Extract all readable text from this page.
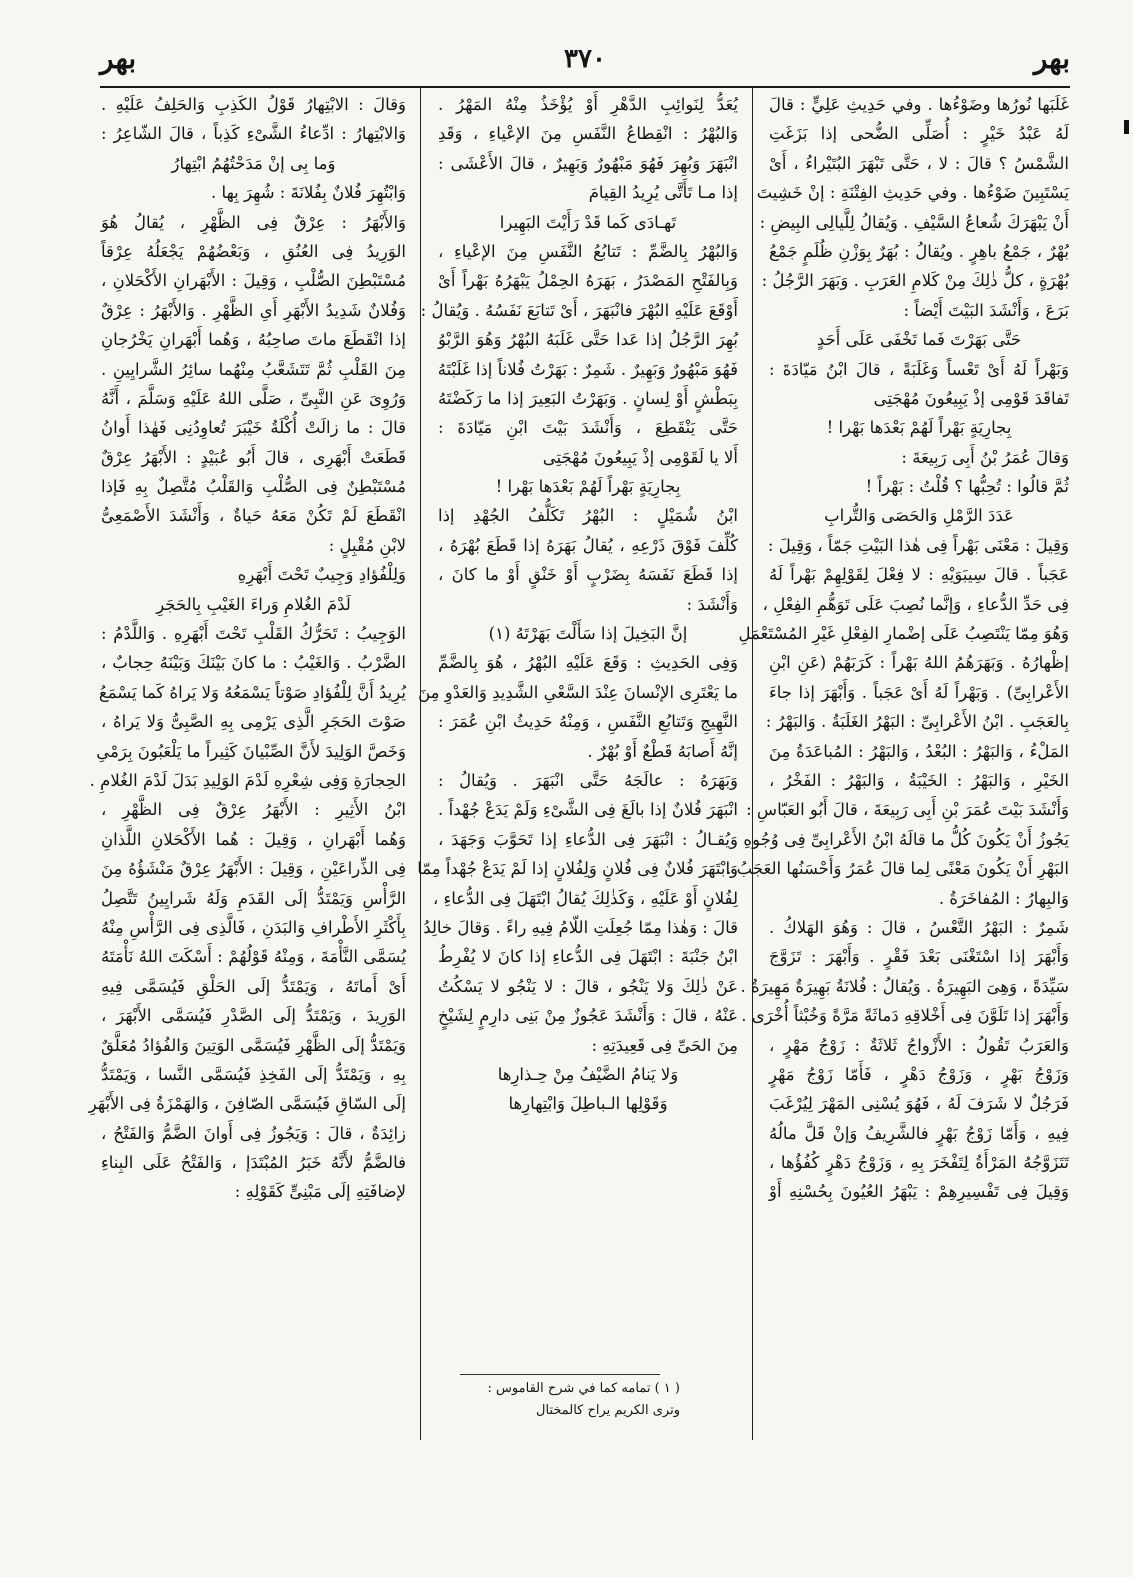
بهر
٣٧٠
بهر
غَلَبَها نُورُها وضَوْءُها . وفي حَدِيثِ عَلِيٍّ : قالَ
لَهُ عَبْدُ خَيْرٍ : أُصَلِّى الضُّحى إذا بَزَغَتِ
الشَّمْسُ ؟ قالَ : لا ، حَتَّى تَبْهَرَ البُتَيْراءُ ، أَىْ
يَسْتَبِينَ ضَوْءُها . وفي حَدِيثِ الفِتْنَةِ : إنْ خَشِيتَ
أَنْ يَبْهَرَكَ شُعاعُ السَّيْفِ . وَيُقالُ لِلَّيالِى البِيضِ :
بُهْرٌ ، جَمْعُ باهِرٍ . ويُقالُ : بُهَرٌ بِوَزْنِ ظُلَمٍ جَمْعُ
بُهْرَةٍ ، كلُّ ذٰلِكَ مِنْ كَلامِ العَرَبِ . وَبَهَرَ الرَّجُلُ :
بَرَعَ ، وَأَنْشَدَ البَيْتَ أَيْضاً :
حَتَّى بَهَرْتَ فَما تَخْفَى عَلَى أَحَدٍ
وَبَهْراً لَهُ أَىْ تَعْساً وَغَلَبَةً ، قالَ ابْنُ مَيّادَةَ :
تَفاقَدَ قَوْمِى إذْ يَبِيعُونَ مُهْجَتِى
بِجارِيَةٍ بَهْراً لَهُمْ بَعْدَها بَهْرا !
وَقالَ عُمَرُ بْنُ أَبِى رَبِيعَةَ :
ثُمَّ قالُوا : تُحِبُّها ؟ قُلْتُ : بَهْراً !
عَدَدَ الرَّمْلِ وَالحَصَى وَالتُّرابِ
وَقِيلَ : مَعْنَى بَهْراً فِى هٰذا البَيْتِ جَمّاً ، وَقِيلَ :
عَجَباً . قالَ سِيبَوَيْهِ : لا فِعْلَ لِقَوْلِهِمْ بَهْراً لَهُ
فِى حَدِّ الدُّعاءِ ، وَإنَّما نُصِبَ عَلَى تَوَهُّمِ الفِعْلِ ،
وَهُوَ مِمّا يَنْتَصِبُ عَلَى إضْمارِ الفِعْلِ غَيْرِ المُسْتَعْمَلِ
إظْهارُهُ . وَبَهَرَهُمُ اللهُ بَهْراً : كَرَبَهُمْ (عَنِ ابْنِ
الأَعْرابِىِّ) . وَبَهْراً لَهُ أَىْ عَجَباً . وَأَبْهَرَ إذا جاءَ
بِالعَجَبِ . ابْنُ الأَعْرابِىِّ : البَهْرُ الغَلَبَةُ . وَالبَهْرُ :
المَلْءُ ، وَالبَهْرُ : البُعْدُ ، وَالبَهْرُ : المُباعَدَةُ مِنَ
الخَيْرِ ، وَالبَهْرُ : الخَيْبَةُ ، وَالبَهْرُ : الفَخْرُ ،
وَأَنْشَدَ بَيْتَ عُمَرَ بْنِ أَبِى رَبِيعَةَ ، قالَ أَبُو العَبّاسِ :
يَجُوزُ أَنْ يَكُونَ كُلُّ ما قالَهُ ابْنُ الأَعْرابِىِّ فِى وُجُوهِ
البَهْرِ أَنْ يَكُونَ مَعْنًى لِما قالَ عُمَرُ وَأَحْسَنُها العَجَبُ .
وَالبِهارُ : المُفاخَرَةُ .
شَمِرٌ : البَهْرُ التَّعْسُ ، قالَ : وَهُوَ الهَلاكُ .
وَأَبْهَرَ إذا اسْتَغْنَى بَعْدَ فَقْرٍ . وَأَبْهَرَ : تَزَوَّجَ
سَيِّدَةً ، وَهِىَ البَهِيرَةُ . وَيُقالُ : فُلانَةُ بَهِيرَةٌ مَهِيرَةٌ .
وَأَبْهَرَ إذا تَلَوَّنَ فِى أَخْلاقِهِ دَماثَةً مَرَّةً وَخُبْثاً أُخْرَى .
وَالعَرَبُ تَقُولُ : الأَزْواجُ ثَلاثَةٌ : زَوْجُ مَهْرٍ ،
وَزَوْجُ بَهْرٍ ، وَزَوْجُ دَهْرٍ ، فَأَمّا زَوْجُ مَهْرٍ
فَرَجُلٌ لا شَرَفَ لَهُ ، فَهُوَ يُسْنِى المَهْرَ لِيُرْغَبَ
فِيهِ ، وَأَمّا زَوْجُ بَهْرٍ فالشَّرِيفُ وَإنْ قَلَّ مالُهُ
تَتَزَوَّجُهُ المَرْأَةُ لِتَفْخَرَ بِهِ ، وَزَوْجُ دَهْرٍ كُفُؤُها ،
وَقِيلَ فِى تَفْسِيرِهِمْ : يَبْهَرُ العُيُونَ بِحُسْنِهِ أَوْ
يُعَدُّ لِنَوائِبِ الدَّهْرِ أَوْ يُؤْخَذُ مِنْهُ المَهْرُ .
وَالبُهْرُ : انْقِطاعُ النَّفَسِ مِنَ الإعْياءِ ، وَقَدِ
انْبَهَرَ وَبُهِرَ فَهُوَ مَبْهُورٌ وَبَهِيرٌ ، قالَ الأَعْشَى :
إذا مـا تَأَتَّى يُرِيدُ القِيامَ
تَهـادَى كَما قَدْ رَأَيْتَ البَهِيرا
وَالبُهْرُ بِالضَّمِّ : تَتابُعُ النَّفَسِ مِنَ الإعْياءِ ،
وَبِالفَتْحِ المَصْدَرُ ، بَهَرَهُ الحِمْلُ يَبْهَرُهُ بَهْراً أَىْ
أَوْقَعَ عَلَيْهِ البُهْرَ فانْبَهَرَ ، أَىْ تَتابَعَ نَفَسُهُ . وَيُقالُ :
بُهِرَ الرَّجُلُ إذا عَدا حَتَّى غَلَبَهُ البُهْرُ وَهُوَ الرَّبْوُ
فَهُوَ مَبْهُورٌ وَبَهِيرٌ . شَمِرٌ : بَهَرْتُ فُلاناً إذا غَلَبْتَهُ
بِبَطْشٍ أَوْ لِسانٍ . وَبَهَرْتُ البَعِيرَ إذا ما رَكَضْتَهُ
حَتَّى يَنْقَطِعَ ، وَأَنْشَدَ بَيْتَ ابْنِ مَيّادَةَ :
أَلا يا لَقَوْمِى إذْ يَبِيعُونَ مُهْجَتِى
بِجارِيَةٍ بَهْراً لَهُمْ بَعْدَها بَهْرا !
ابْنُ شُمَيْلٍ : البُهْرُ تَكَلُّفُ الجُهْدِ إذا
كُلِّفَ فَوْقَ ذَرْعِهِ ، يُقالُ بَهَرَهُ إذا قَطَعَ بُهْرَهُ ،
إذا قَطَعَ نَفَسَهُ بِضَرْبٍ أَوْ خَنْقٍ أَوْ ما كانَ ،
وَأَنْشَدَ :
إنَّ البَخِيلَ إذا سَأَلْتَ بَهَرْتَهُ (١)
وَفِى الحَدِيثِ : وَقَعَ عَلَيْهِ البُهْرُ ، هُوَ بِالضَّمِّ
ما يَعْتَرِى الإنْسانَ عِنْدَ السَّعْىِ الشَّدِيدِ وَالعَدْوِ مِنَ
النَّهِيجِ وَتَتابُعِ النَّفَسِ ، وَمِنْهُ حَدِيثُ ابْنِ عُمَرَ :
إنَّهُ أَصابَهُ قَطْعٌ أَوْ بُهْرٌ .
وَبَهَرَهُ : عالَجَهُ حَتَّى انْبَهَرَ . وَيُقالُ :
انْبَهَرَ فُلانٌ إذا بالَغَ فِى الشَّىْءِ وَلَمْ يَدَعْ جُهْداً .
وَيُقـالُ : انْبَهَرَ فِى الدُّعاءِ إذا تَحَوَّبَ وَجَهَدَ ،
وَابْتَهَرَ فُلانٌ فِى فُلانٍ وَلِفُلانٍ إذا لَمْ يَدَعْ جُهْداً مِمّا
لِفُلانٍ أَوْ عَلَيْهِ ، وَكَذٰلِكَ يُقالُ ابْتَهَلَ فِى الدُّعاءِ ،
قالَ : وَهٰذا مِمّا جُعِلَتِ اللّامُ فِيهِ راءً . وَقالَ خالِدُ
ابْنُ جَنْبَةَ : ابْتَهَلَ فِى الدُّعاءِ إذا كانَ لا يُفْرِطُ
عَنْ ذٰلِكَ وَلا يَنْجُو ، قالَ : لا يَنْجُو لا يَسْكُتُ
عَنْهُ ، قالَ : وَأَنْشَدَ عَجُوزٌ مِنْ بَنِى دارِمٍ لِشَيْخٍ
مِنَ الحَىِّ فِى قَعِيدَتِهِ :
وَلا يَنامُ الضَّيْفُ مِنْ حِـذارِها
وَقَوْلِها الـباطِلَ وَابْتِهارِها
وَقالَ : الابْتِهارُ قَوْلُ الكَذِبِ وَالحَلِفُ عَلَيْهِ .
وَالابْتِهارُ : ادِّعاءُ الشَّىْءِ كَذِباً ، قالَ الشّاعِرُ :
وَما بِى إنْ مَدَحْتُهُمُ ابْتِهارُ
وَابْتُهِرَ فُلانٌ بِفُلانَةَ : شُهِرَ بِها .
وَالأَبْهَرُ : عِرْقٌ فِى الظَّهْرِ ، يُقالُ هُوَ
الوَرِيدُ فِى العُنُقِ ، وَبَعْضُهُمْ يَجْعَلُهُ عِرْقاً
مُسْتَبْطِنَ الصُّلْبِ ، وَقِيلَ : الأَبْهَرانِ الأَكْحَلانِ ،
وَفُلانٌ شَدِيدُ الأَبْهَرِ أَىِ الظَّهْرِ . وَالأَبْهَرُ : عِرْقٌ
إذا انْقَطَعَ ماتَ صاحِبُهُ ، وَهُما أَبْهَرانِ يَخْرُجانِ
مِنَ القَلْبِ ثُمَّ تَتَشَعَّبُ مِنْهُما سائِرُ الشَّرايِينِ .
وَرُوِىَ عَنِ النَّبِىِّ ، صَلَّى اللهُ عَلَيْهِ وَسَلَّمَ ، أَنَّهُ
قالَ : ما زالَتْ أُكْلَةُ خَيْبَرَ تُعاوِدُنِى فَهٰذا أَوانُ
قَطَعَتْ أَبْهَرِى ، قالَ أَبُو عُبَيْدٍ : الأَبْهَرُ عِرْقٌ
مُسْتَبْطِنٌ فِى الصُّلْبِ وَالقَلْبُ مُتَّصِلٌ بِهِ فَإذا
انْقَطَعَ لَمْ تَكُنْ مَعَهُ حَياةٌ ، وَأَنْشَدَ الأَصْمَعِىُّ
لابْنِ مُقْبِلٍ :
وَلِلْفُؤادِ وَجِيبٌ تَحْتَ أَبْهَرِهِ
لَدْمَ الغُلامِ وَراءَ الغَيْبِ بِالحَجَرِ
الوَجِيبُ : تَحَرُّكُ القَلْبِ تَحْتَ أَبْهَرِهِ . وَاللَّدْمُ :
الضَّرْبُ . وَالغَيْبُ : ما كانَ بَيْنَكَ وَبَيْنَهُ حِجابٌ ،
يُرِيدُ أَنَّ لِلْفُؤادِ صَوْتاً يَسْمَعُهُ وَلا يَراهُ كَما يَسْمَعُ
صَوْتَ الحَجَرِ الَّذِى يَرْمِى بِهِ الصَّبِىُّ وَلا يَراهُ ،
وَخَصَّ الوَلِيدَ لأَنَّ الصِّبْيانَ كَثِيراً ما يَلْعَبُونَ بِرَمْىِ
الحِجارَةِ وَفِى شِعْرِهِ لَدْمَ الوَلِيدِ بَدَلَ لَدْمَ الغُلامِ .
ابْنُ الأَثِيرِ : الأَبْهَرُ عِرْقٌ فِى الظَّهْرِ ،
وَهُما أَبْهَرانِ ، وَقِيلَ : هُما الأَكْحَلانِ اللَّذانِ
فِى الذِّراعَيْنِ ، وَقِيلَ : الأَبْهَرُ عِرْقٌ مَنْشَؤُهُ مِنَ
الرَّأْسِ وَيَمْتَدُّ إلَى القَدَمِ وَلَهُ شَرايِينُ تَتَّصِلُ
بِأَكْثَرِ الأَطْرافِ وَالبَدَنِ ، فَالَّذِى فِى الرَّأْسِ مِنْهُ
يُسَمَّى النَّأْمَةَ ، وَمِنْهُ قَوْلُهُمْ : أَسْكَتَ اللهُ نَأْمَتَهُ
أَىْ أَماتَهُ ، وَيَمْتَدُّ إلَى الحَلْقِ فَيُسَمَّى فِيهِ
الوَرِيدَ ، وَيَمْتَدُّ إلَى الصَّدْرِ فَيُسَمَّى الأَبْهَرَ ،
وَيَمْتَدُّ إلَى الظَّهْرِ فَيُسَمَّى الوَتِينَ وَالفُؤادُ مُعَلَّقٌ
بِهِ ، وَيَمْتَدُّ إلَى الفَخِذِ فَيُسَمَّى النَّسا ، وَيَمْتَدُّ
إلَى السّاقِ فَيُسَمَّى الصّافِنَ ، وَالهَمْزَةُ فِى الأَبْهَرِ
زائِدَةٌ ، قالَ : وَيَجُوزُ فِى أَوانَ الضَّمُّ وَالفَتْحُ ،
فالضَّمُّ لأَنَّهُ خَبَرُ المُبْتَدَإ ، وَالفَتْحُ عَلَى البِناءِ
لإضافَتِهِ إلَى مَبْنِىٍّ كَقَوْلِهِ :
( ١ ) تمامه كما في شرح القاموس :
وترى الكريم يراح كالمختال
